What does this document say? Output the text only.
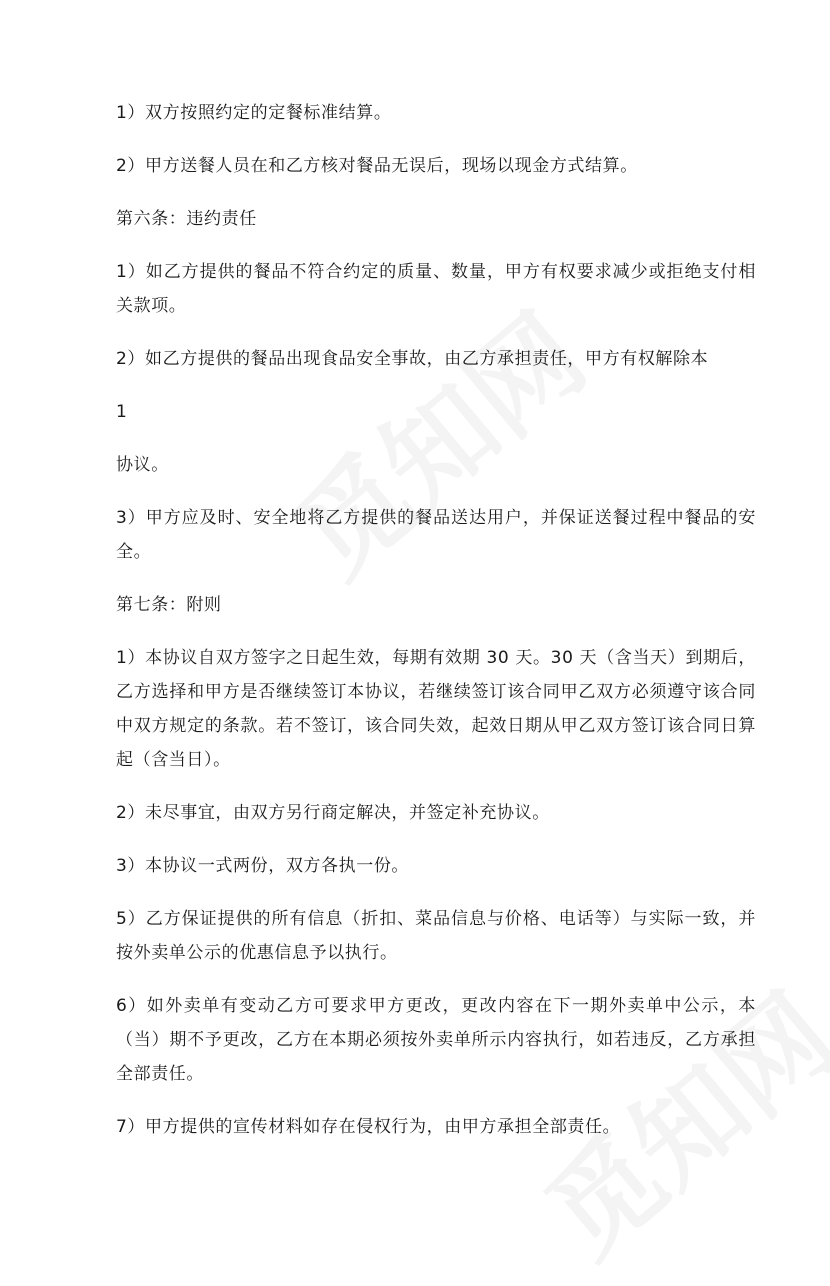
1）双方按照约定的定餐标准结算。

2）甲方送餐人员在和乙方核对餐品无误后，现场以现金方式结算。

第六条：违约责任

1）如乙方提供的餐品不符合约定的质量、数量，甲方有权要求减少或拒绝支付相关款项。

2）如乙方提供的餐品出现食品安全事故，由乙方承担责任，甲方有权解除本

1

协议。

3）甲方应及时、安全地将乙方提供的餐品送达用户，并保证送餐过程中餐品的安全。

第七条：附则

1）本协议自双方签字之日起生效，每期有效期 30 天。30 天（含当天）到期后，乙方选择和甲方是否继续签订本协议，若继续签订该合同甲乙双方必须遵守该合同中双方规定的条款。若不签订，该合同失效，起效日期从甲乙双方签订该合同日算起（含当日）。

2）未尽事宜，由双方另行商定解决，并签定补充协议。

3）本协议一式两份，双方各执一份。

5）乙方保证提供的所有信息（折扣、菜品信息与价格、电话等）与实际一致，并按外卖单公示的优惠信息予以执行。

6）如外卖单有变动乙方可要求甲方更改，更改内容在下一期外卖单中公示，本（当）期不予更改，乙方在本期必须按外卖单所示内容执行，如若违反，乙方承担全部责任。

7）甲方提供的宣传材料如存在侵权行为，由甲方承担全部责任。
